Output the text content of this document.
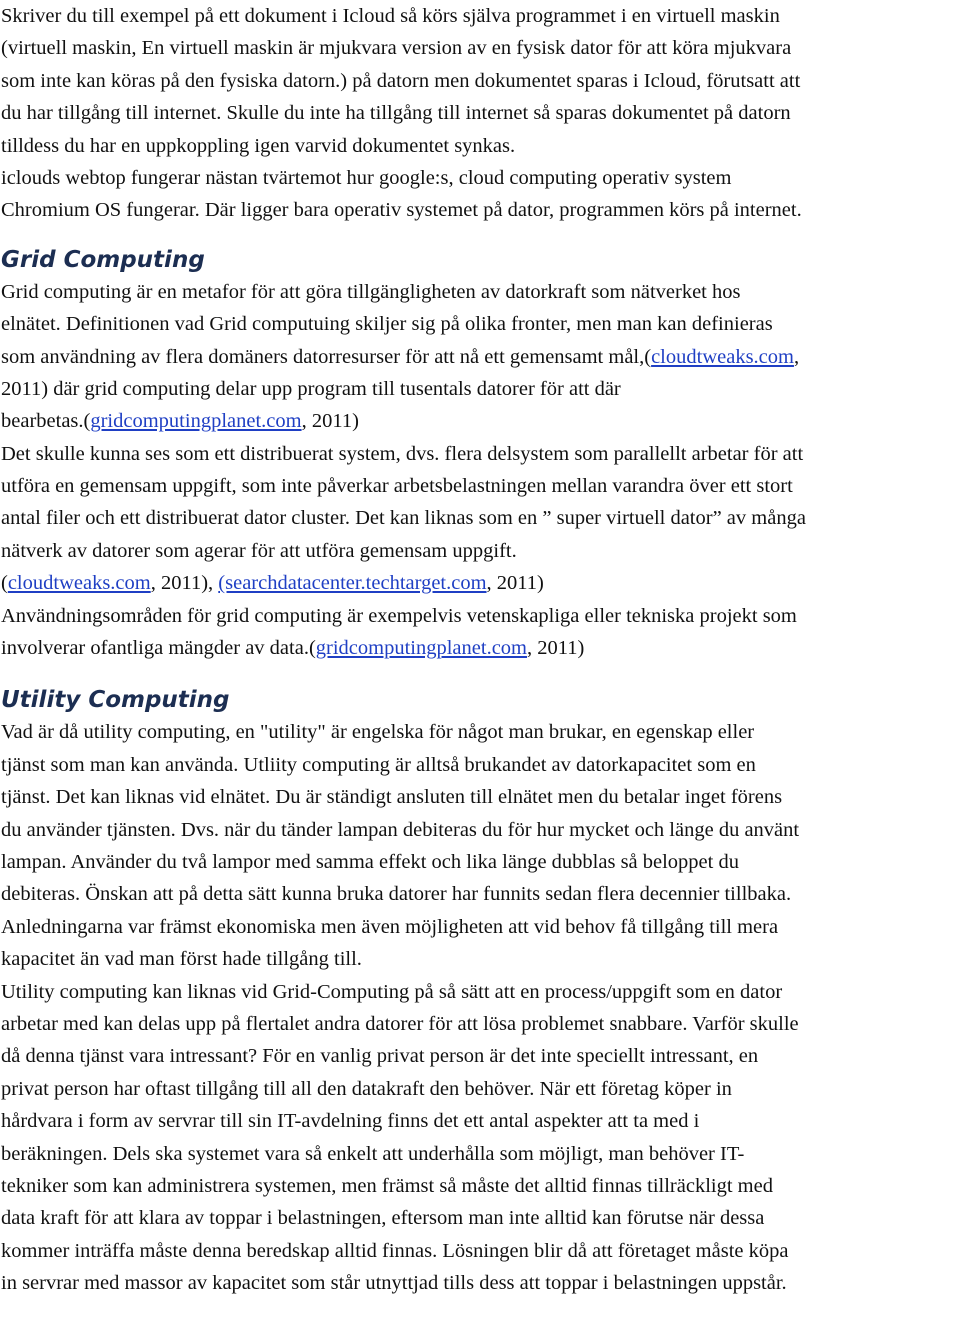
Skriver du till exempel på ett dokument i Icloud så körs själva programmet i en virtuell maskin
(virtuell maskin, En virtuell maskin är mjukvara version av en fysisk dator för att köra mjukvara
som inte kan köras på den fysiska datorn.) på datorn men dokumentet sparas i Icloud, förutsatt att
du har tillgång till internet. Skulle du inte ha tillgång till internet så sparas dokumentet på datorn
tilldess du har en uppkoppling igen varvid dokumentet synkas.
iclouds webtop fungerar nästan tvärtemot hur google:s, cloud computing operativ system
Chromium OS fungerar. Där ligger bara operativ systemet på dator, programmen körs på internet.
Grid Computing
Grid computing är en metafor för att göra tillgängligheten av datorkraft som nätverket hos
elnätet. Definitionen vad Grid computuing skiljer sig på olika fronter, men man kan definieras
som användning av flera domäners datorresurser för att nå ett gemensamt mål,(cloudtweaks.com,
2011) där grid computing delar upp program till tusentals datorer för att där
bearbetas.(gridcomputingplanet.com, 2011)
Det skulle kunna ses som ett distribuerat system, dvs. flera delsystem som parallellt arbetar för att
utföra en gemensam uppgift, som inte påverkar arbetsbelastningen mellan varandra över ett stort
antal filer och ett distribuerat dator cluster. Det kan liknas som en ” super virtuell dator” av många
nätverk av datorer som agerar för att utföra gemensam uppgift.
(cloudtweaks.com, 2011), (searchdatacenter.techtarget.com, 2011)
Användningsområden för grid computing är exempelvis vetenskapliga eller tekniska projekt som
involverar ofantliga mängder av data.(gridcomputingplanet.com, 2011)
Utility Computing
Vad är då utility computing, en "utility" är engelska för något man brukar, en egenskap eller
tjänst som man kan använda. Utliity computing är alltså brukandet av datorkapacitet som en
tjänst. Det kan liknas vid elnätet. Du är ständigt ansluten till elnätet men du betalar inget förens
du använder tjänsten. Dvs. när du tänder lampan debiteras du för hur mycket och länge du använt
lampan. Använder du två lampor med samma effekt och lika länge dubblas så beloppet du
debiteras. Önskan att på detta sätt kunna bruka datorer har funnits sedan flera decennier tillbaka.
Anledningarna var främst ekonomiska men även möjligheten att vid behov få tillgång till mera
kapacitet än vad man först hade tillgång till.
Utility computing kan liknas vid Grid-Computing på så sätt att en process/uppgift som en dator
arbetar med kan delas upp på flertalet andra datorer för att lösa problemet snabbare. Varför skulle
då denna tjänst vara intressant? För en vanlig privat person är det inte speciellt intressant, en
privat person har oftast tillgång till all den datakraft den behöver. När ett företag köper in
hårdvara i form av servrar till sin IT-avdelning finns det ett antal aspekter att ta med i
beräkningen. Dels ska systemet vara så enkelt att underhålla som möjligt, man behöver IT-
tekniker som kan administrera systemen, men främst så måste det alltid finnas tillräckligt med
data kraft för att klara av toppar i belastningen, eftersom man inte alltid kan förutse när dessa
kommer inträffa måste denna beredskap alltid finnas. Lösningen blir då att företaget måste köpa
in servrar med massor av kapacitet som står utnyttjad tills dess att toppar i belastningen uppstår.
